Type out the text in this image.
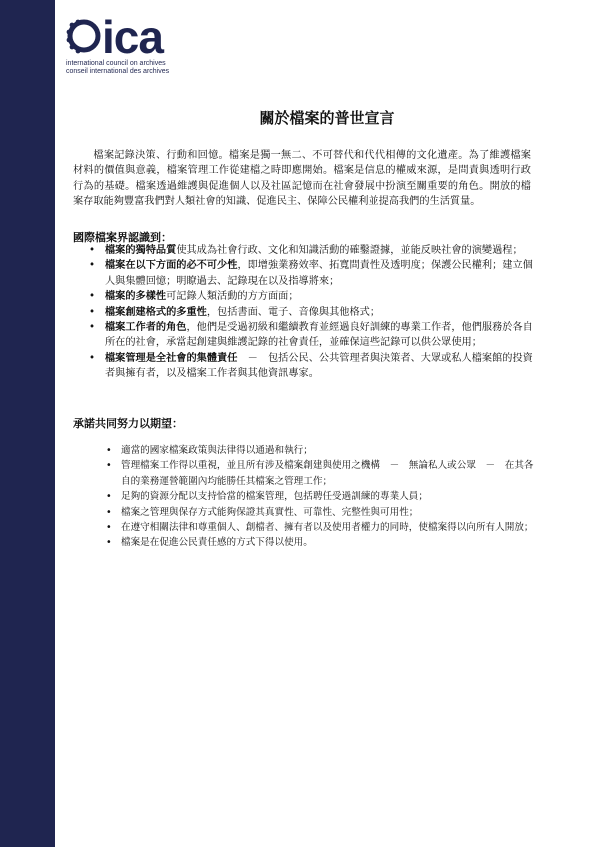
ica
international council on archives
conseil international des archives
關於檔案的普世宣言
檔案記錄決策、行動和回憶。檔案是獨一無二、不可替代和代代相傳的文化遺產。為了維護檔案材料的價值與意義，檔案管理工作從建檔之時即應開始。檔案是信息的權威來源，是問責與透明行政行為的基礎。檔案透過維護與促進個人以及社區記憶而在社會發展中扮演至關重要的角色。開放的檔案存取能夠豐富我們對人類社會的知識、促進民主、保障公民權利並提高我們的生活質量。
國際檔案界認識到：
• 檔案的獨特品質使其成為社會行政、文化和知識活動的確鑿證據，並能反映社會的演變過程；
• 檔案在以下方面的必不可少性，即增強業務效率、拓寬問責性及透明度；保護公民權利；建立個人與集體回憶；明瞭過去、記錄現在以及指導將來；
• 檔案的多樣性可記錄人類活動的方方面面；
• 檔案創建格式的多重性，包括書面、電子、音像與其他格式；
• 檔案工作者的角色，他們是受過初級和繼續教育並經過良好訓練的專業工作者，他們服務於各自所在的社會，承當起創建與維護記錄的社會責任，並確保這些記錄可以供公眾使用；
• 檔案管理是全社會的集體責任　－　包括公民、公共管理者與決策者、大眾或私人檔案館的投資者與擁有者，以及檔案工作者與其他資訊專家。
承諾共同努力以期望：
• 適當的國家檔案政策與法律得以通過和執行；
• 管理檔案工作得以重視，並且所有涉及檔案創建與使用之機構　－　無論私人或公眾　－　在其各自的業務運營範圍內均能勝任其檔案之管理工作；
• 足夠的資源分配以支持恰當的檔案管理，包括聘任受過訓練的專業人員；
• 檔案之管理與保存方式能夠保證其真實性、可靠性、完整性與可用性；
• 在遵守相關法律和尊重個人、創檔者、擁有者以及使用者權力的同時，使檔案得以向所有人開放；
• 檔案是在促進公民責任感的方式下得以使用。
